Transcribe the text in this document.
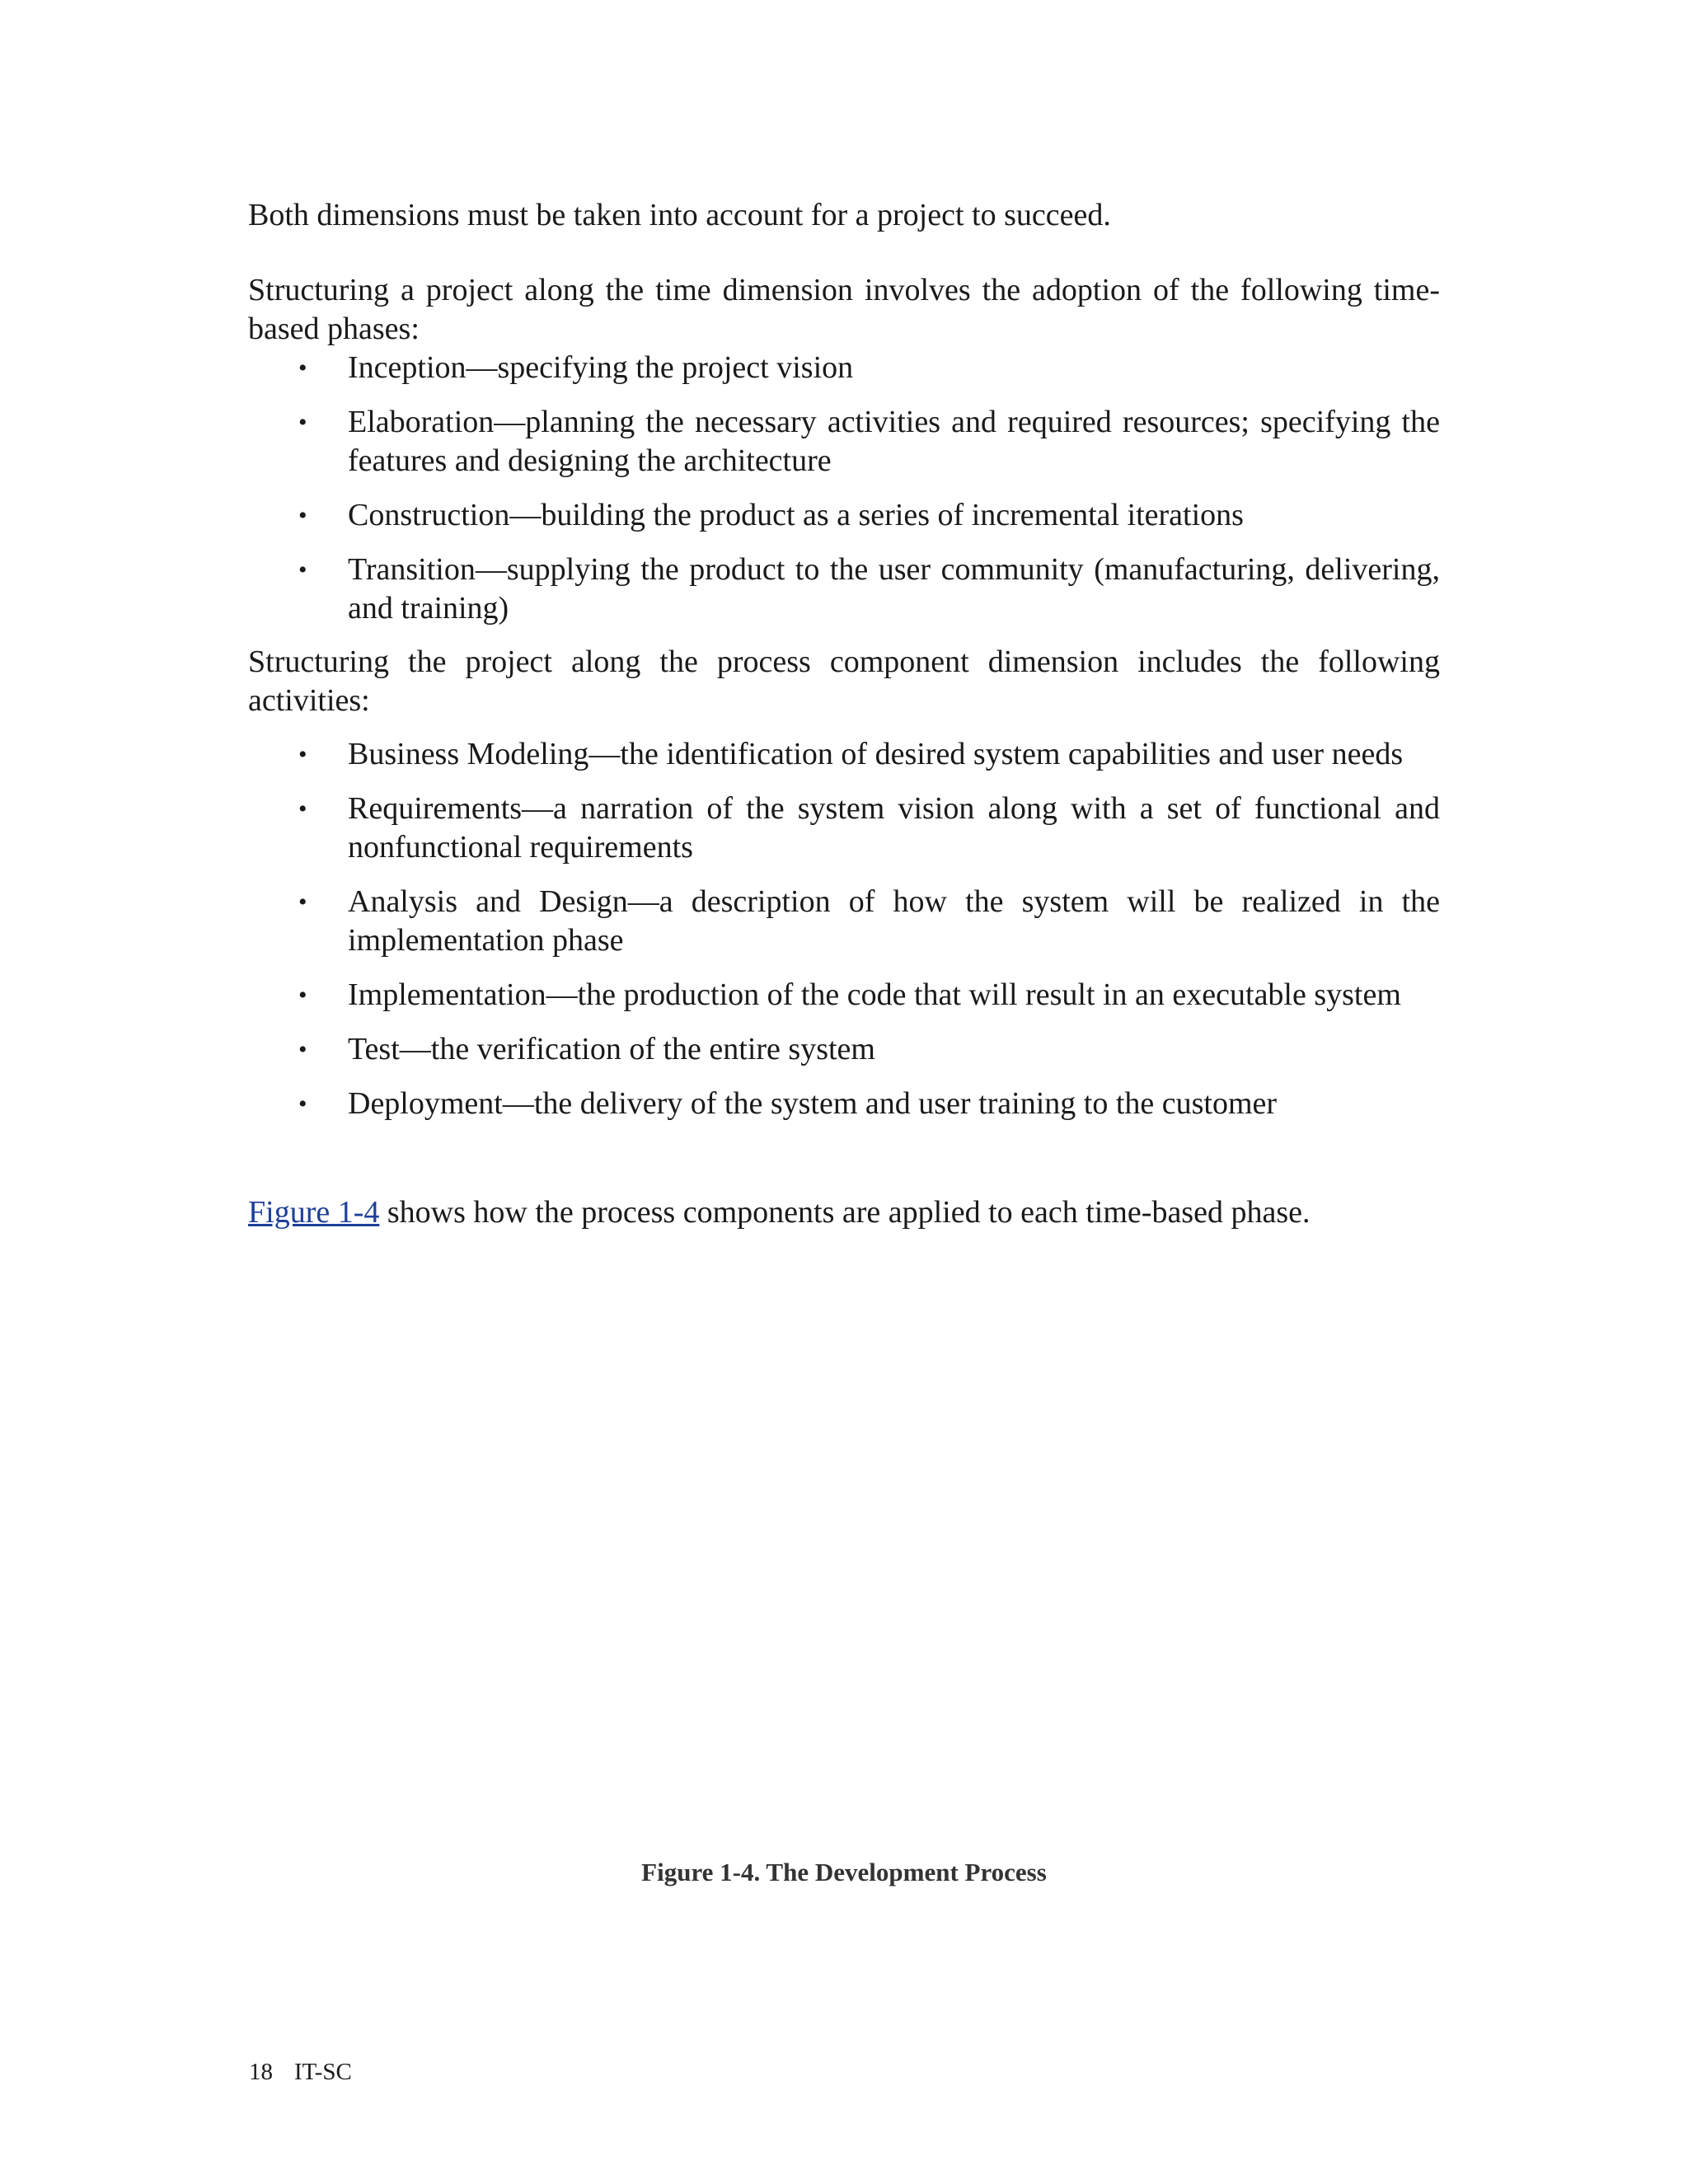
Both dimensions must be taken into account for a project to succeed.

Structuring a project along the time dimension involves the adoption of the following time-based phases:

• Inception—specifying the project vision
• Elaboration—planning the necessary activities and required resources; specifying the features and designing the architecture
• Construction—building the product as a series of incremental iterations
• Transition—supplying the product to the user community (manufacturing, delivering, and training)

Structuring the project along the process component dimension includes the following activities:

• Business Modeling—the identification of desired system capabilities and user needs
• Requirements—a narration of the system vision along with a set of functional and nonfunctional requirements
• Analysis and Design—a description of how the system will be realized in the implementation phase
• Implementation—the production of the code that will result in an executable system
• Test—the verification of the entire system
• Deployment—the delivery of the system and user training to the customer

Figure 1-4 shows how the process components are applied to each time-based phase.

Figure 1-4. The Development Process
18 IT-SC
